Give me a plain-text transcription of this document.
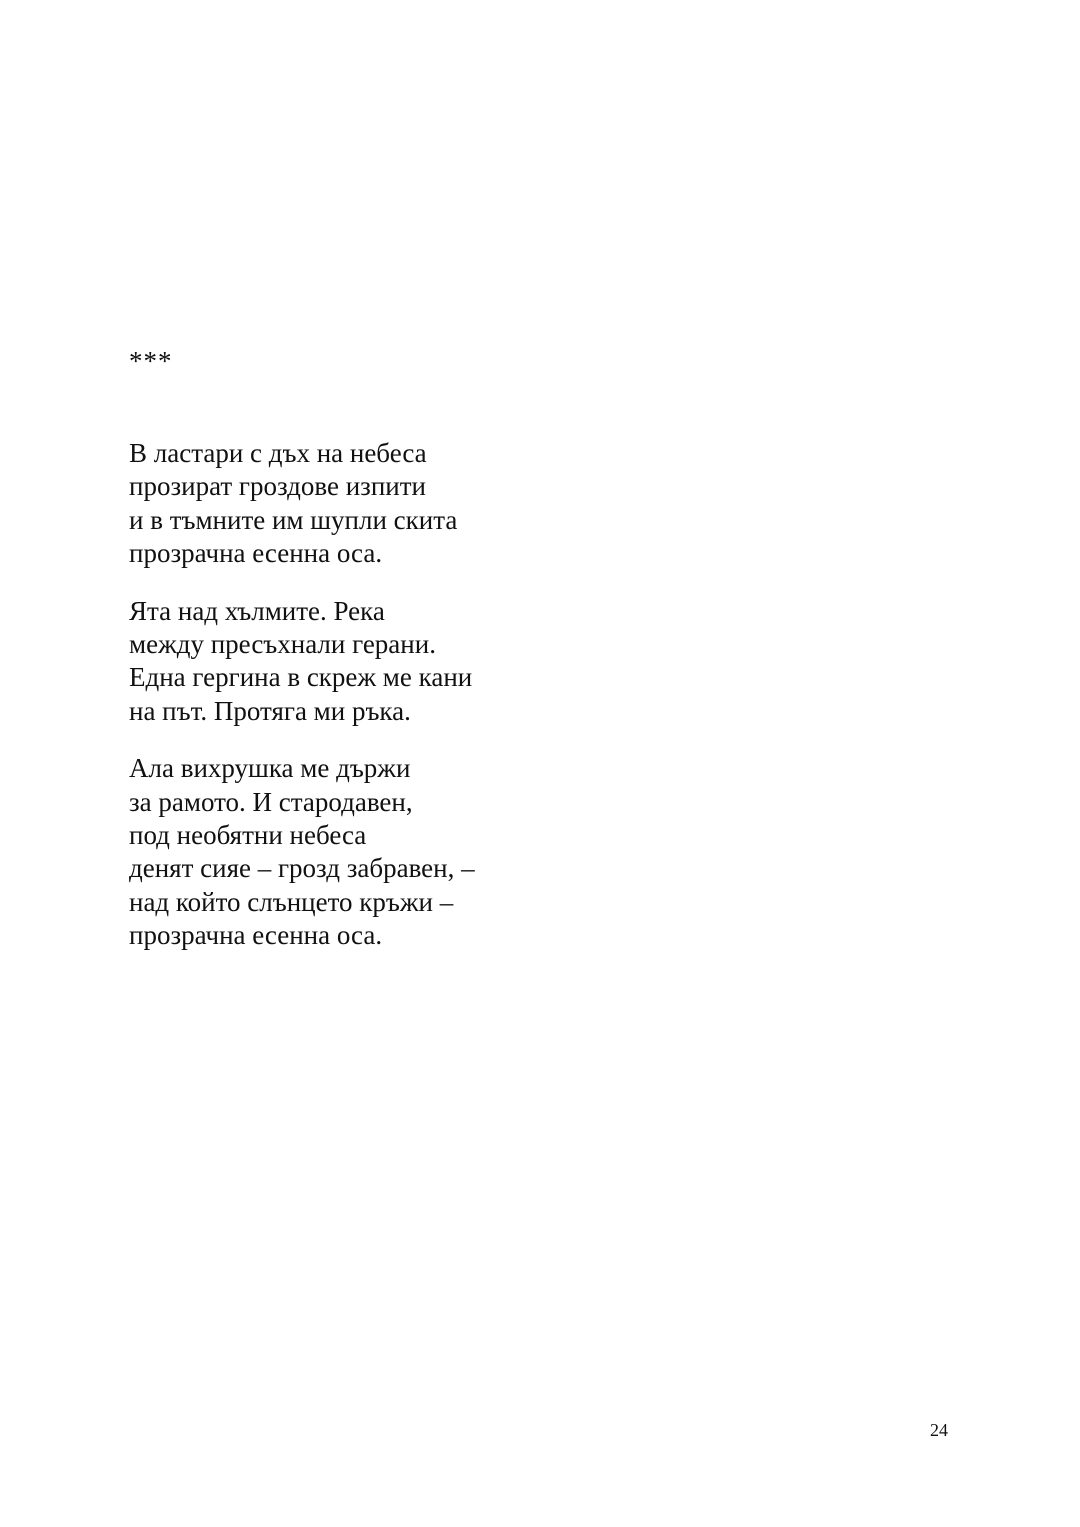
***

В ластари с дъх на небеса

прозират гроздове изпити

и в тъмните им шупли скита

прозрачна есенна оса.

Ята над хълмите. Река

между пресъхнали герани.

Една гергина в скреж ме кани

на път. Протяга ми ръка.

Ала вихрушка ме държи

за рамото. И стародавен,

под необятни небеса

денят сияе – грозд забравен, –

над който слънцето кръжи –

прозрачна есенна оса.

24
